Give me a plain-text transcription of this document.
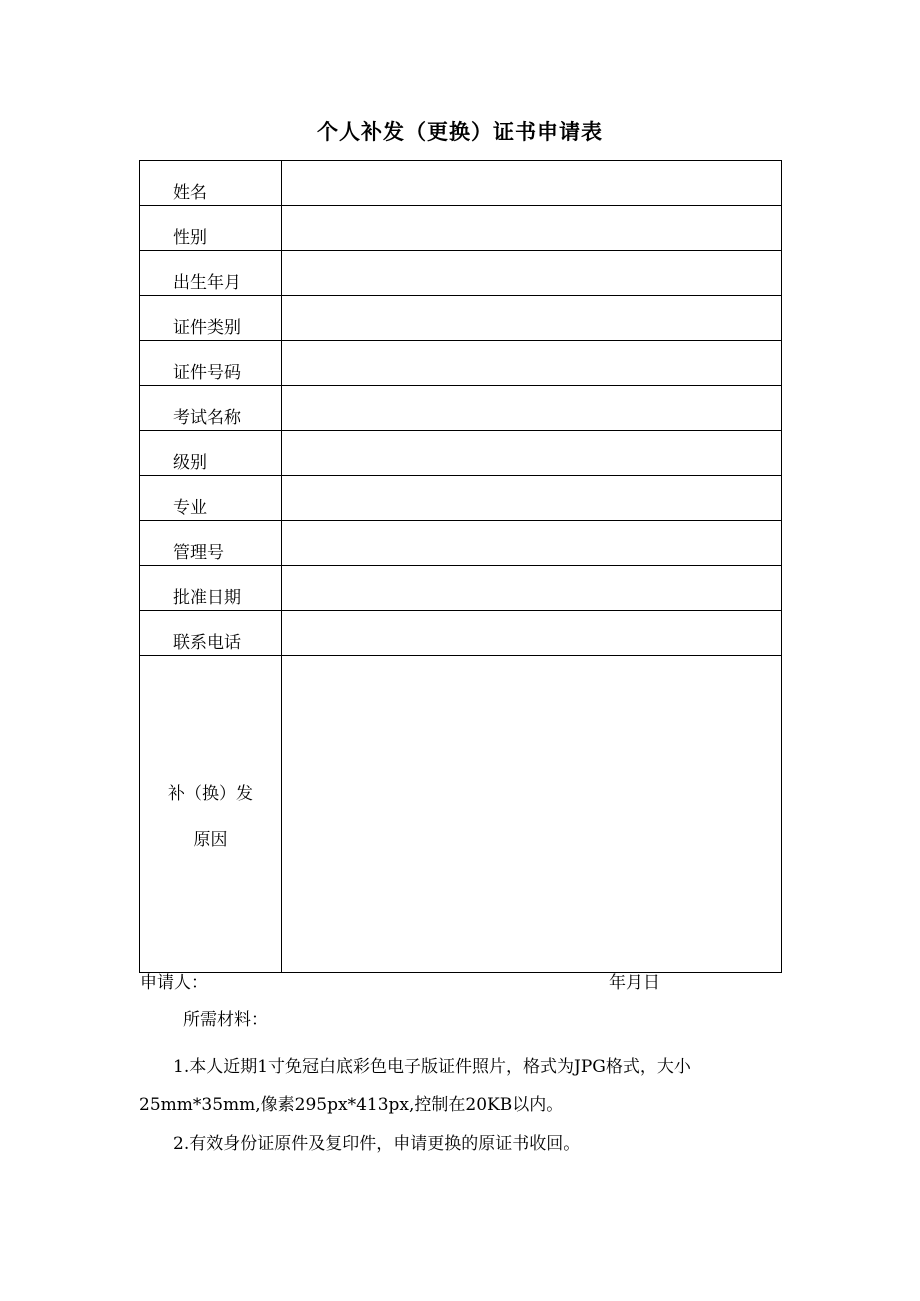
个人补发（更换）证书申请表
姓名	
性别	
出生年月	
证件类别	
证件号码	
考试名称	
级别	
专业	
管理号	
批准日期	
联系电话	

补（换）发
原因	

申请人：	年月日
所需材料：
1.本人近期1寸免冠白底彩色电子版证件照片，格式为JPG格式，大小25mm*35mm,像素295px*413px,控制在20KB以内。
2.有效身份证原件及复印件，申请更换的原证书收回。
